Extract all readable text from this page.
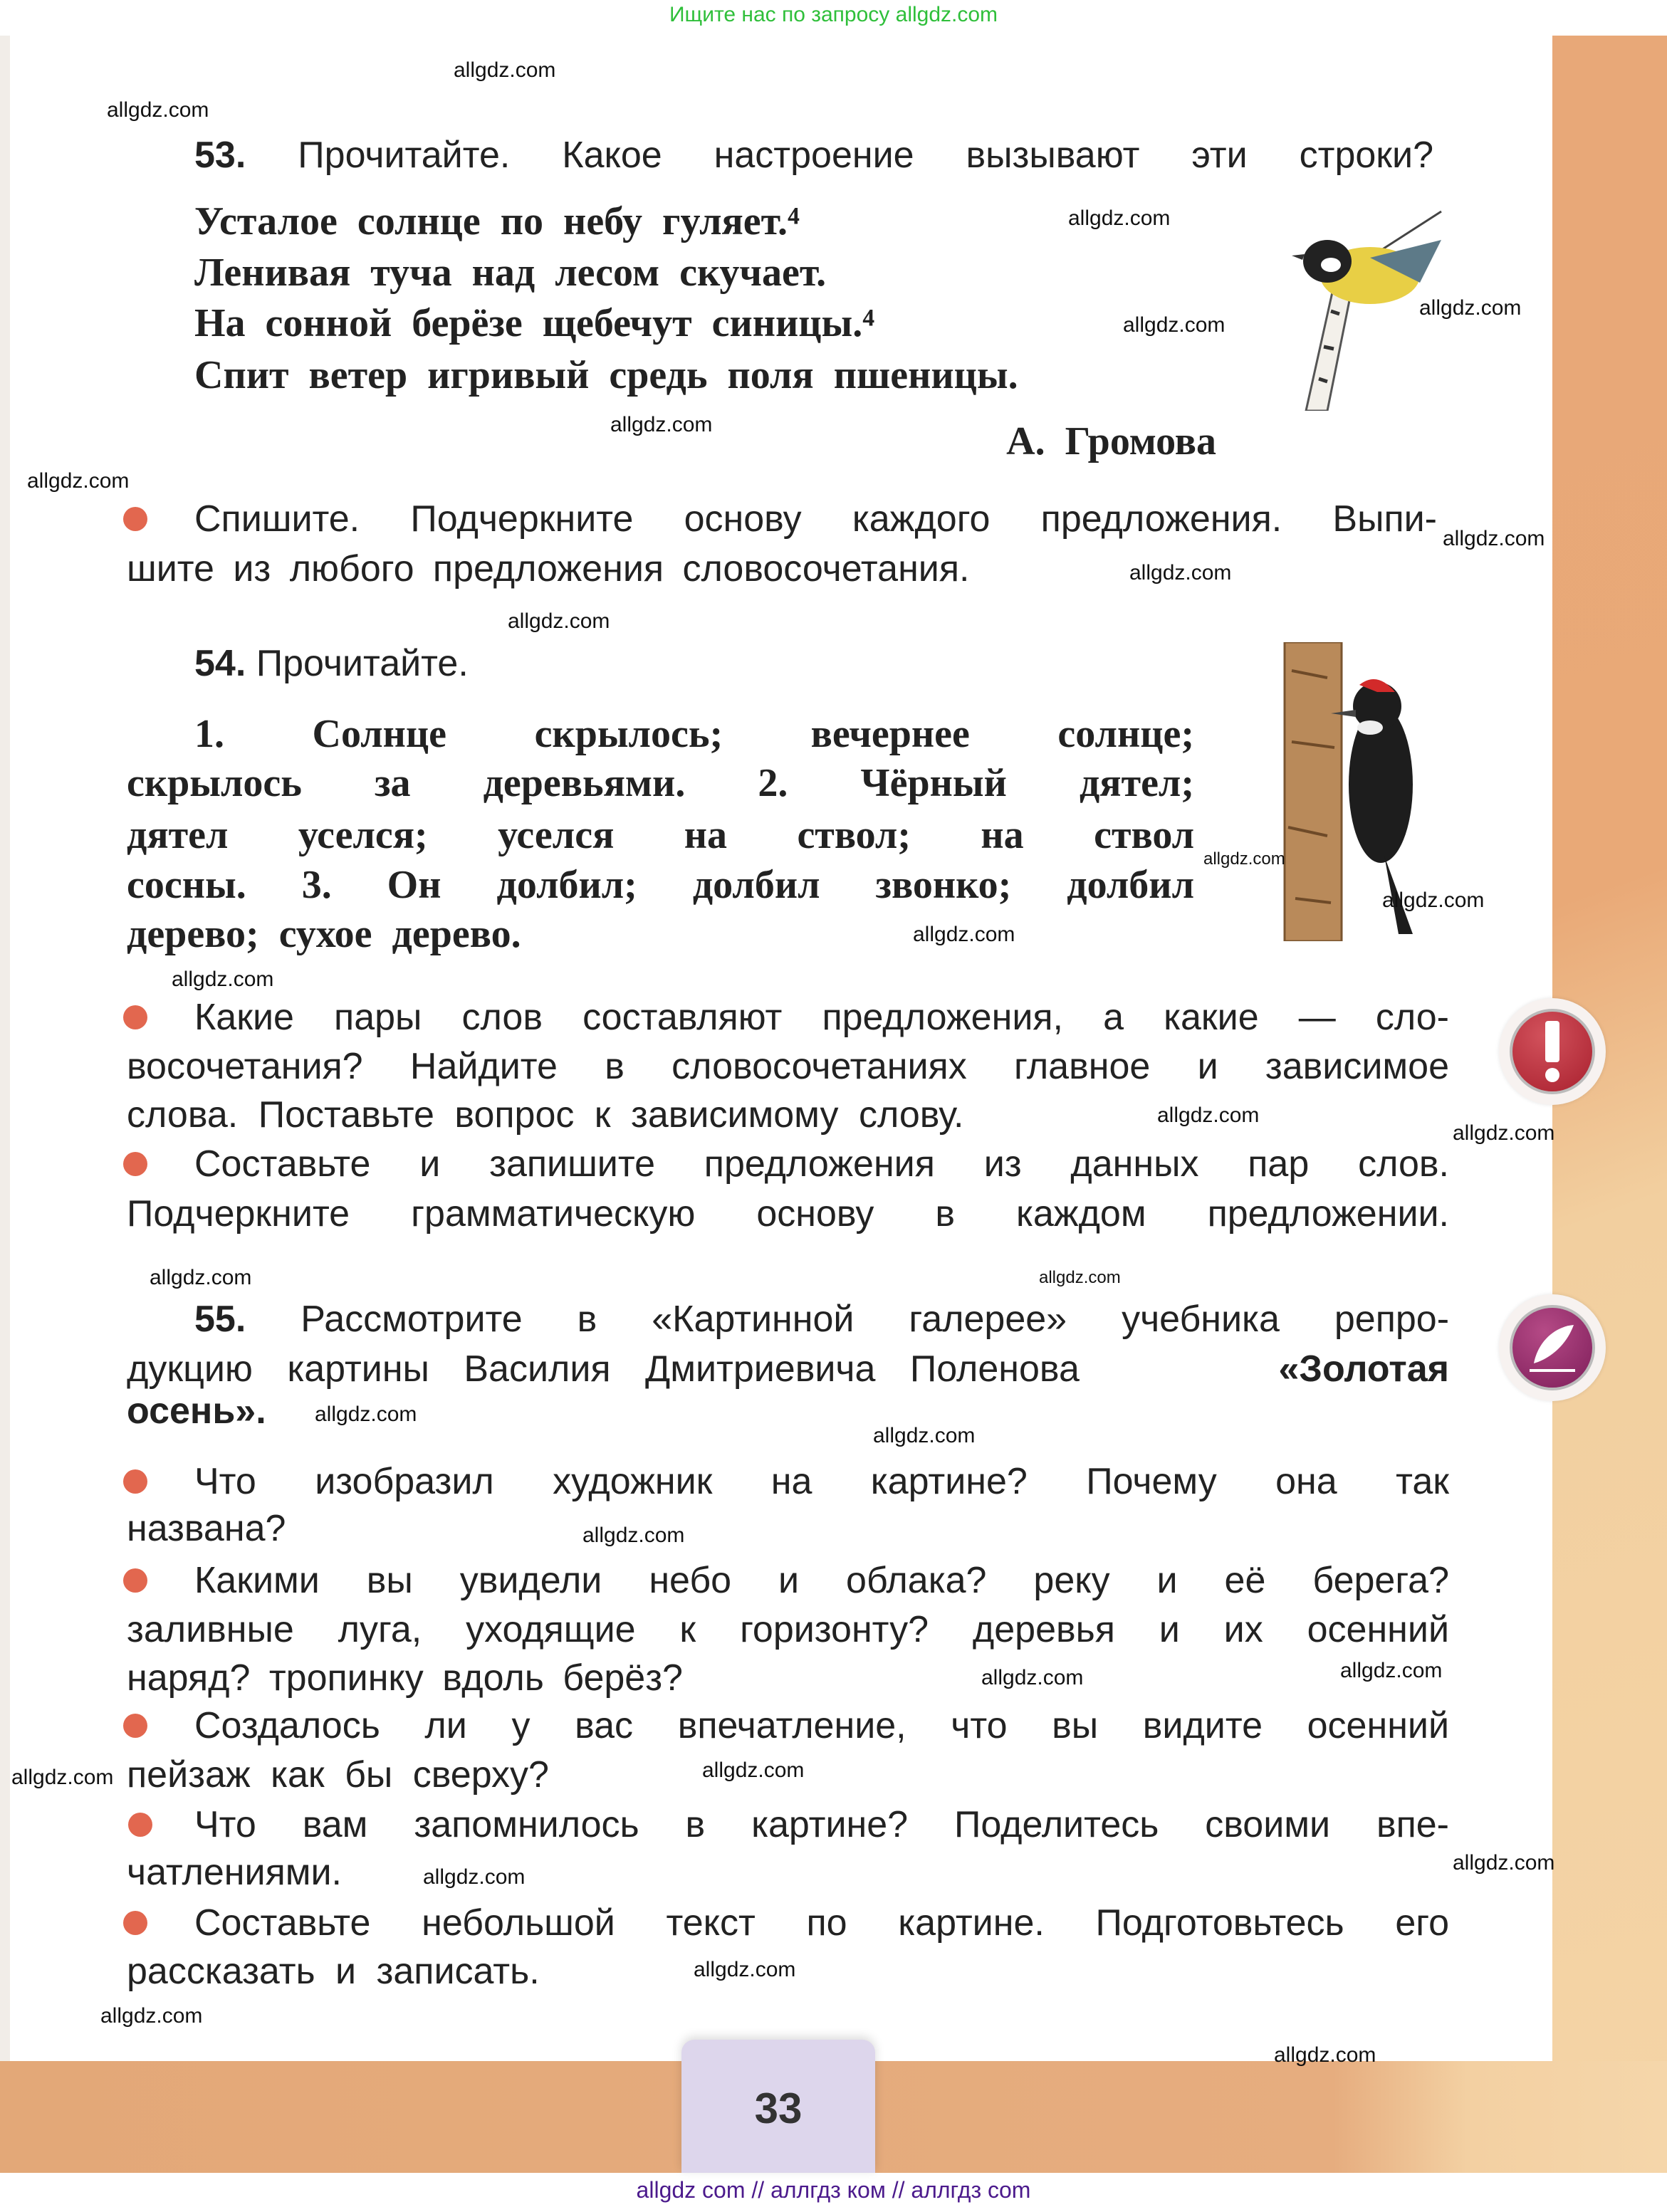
Ищите нас по запросу allgdz.com
33
allgdz com // аллгдз ком // аллгдз com
53. Прочитайте. Какое настроение вызывают эти строки?
Усталое солнце по небу гуляет.⁴
Ленивая туча над лесом скучает.
На сонной берёзе щебечут синицы.⁴
Спит ветер игривый средь поля пшеницы.
А. Громова
Спишите. Подчеркните основу каждого предложения. Выпи-
шите из любого предложения словосочетания.
54. Прочитайте.
1. Солнце скрылось; вечернее солнце;
скрылось за деревьями. 2. Чёрный дятел;
дятел уселся; уселся на ствол; на ствол
сосны. 3. Он долбил; долбил звонко; долбил
дерево; сухое дерево.
Какие пары слов составляют предложения, а какие — сло-
восочетания? Найдите в словосочетаниях главное и зависимое
слова. Поставьте вопрос к зависимому слову.
Составьте и запишите предложения из данных пар слов.
Подчеркните грамматическую основу в каждом предложении.
55. Рассмотрите в «Картинной галерее» учебника репро-
дукцию картины Василия Дмитриевича Поленова	«Золотая
осень».
Что изобразил художник на картине? Почему она так
названа?
Какими вы увидели небо и облака? реку и её берега?
заливные луга, уходящие к горизонту? деревья и их осенний
наряд? тропинку вдоль берёз?
Создалось ли у вас впечатление, что вы видите осенний
пейзаж как бы сверху?
Что вам запомнилось в картине? Поделитесь своими впе-
чатлениями.
Составьте небольшой текст по картине. Подготовьтесь его
рассказать и записать.
allgdz.com
allgdz.com
allgdz.com
allgdz.com
allgdz.com
allgdz.com
allgdz.com
allgdz.com
allgdz.com
allgdz.com
allgdz.com
allgdz.com
allgdz.com
allgdz.com
allgdz.com
allgdz.com
allgdz.com	allgdz.com
allgdz.com
allgdz.com
allgdz.com
allgdz.com
allgdz.com
allgdz.com
allgdz.com
allgdz.com
allgdz.com
allgdz.com
allgdz.com
allgdz.com
